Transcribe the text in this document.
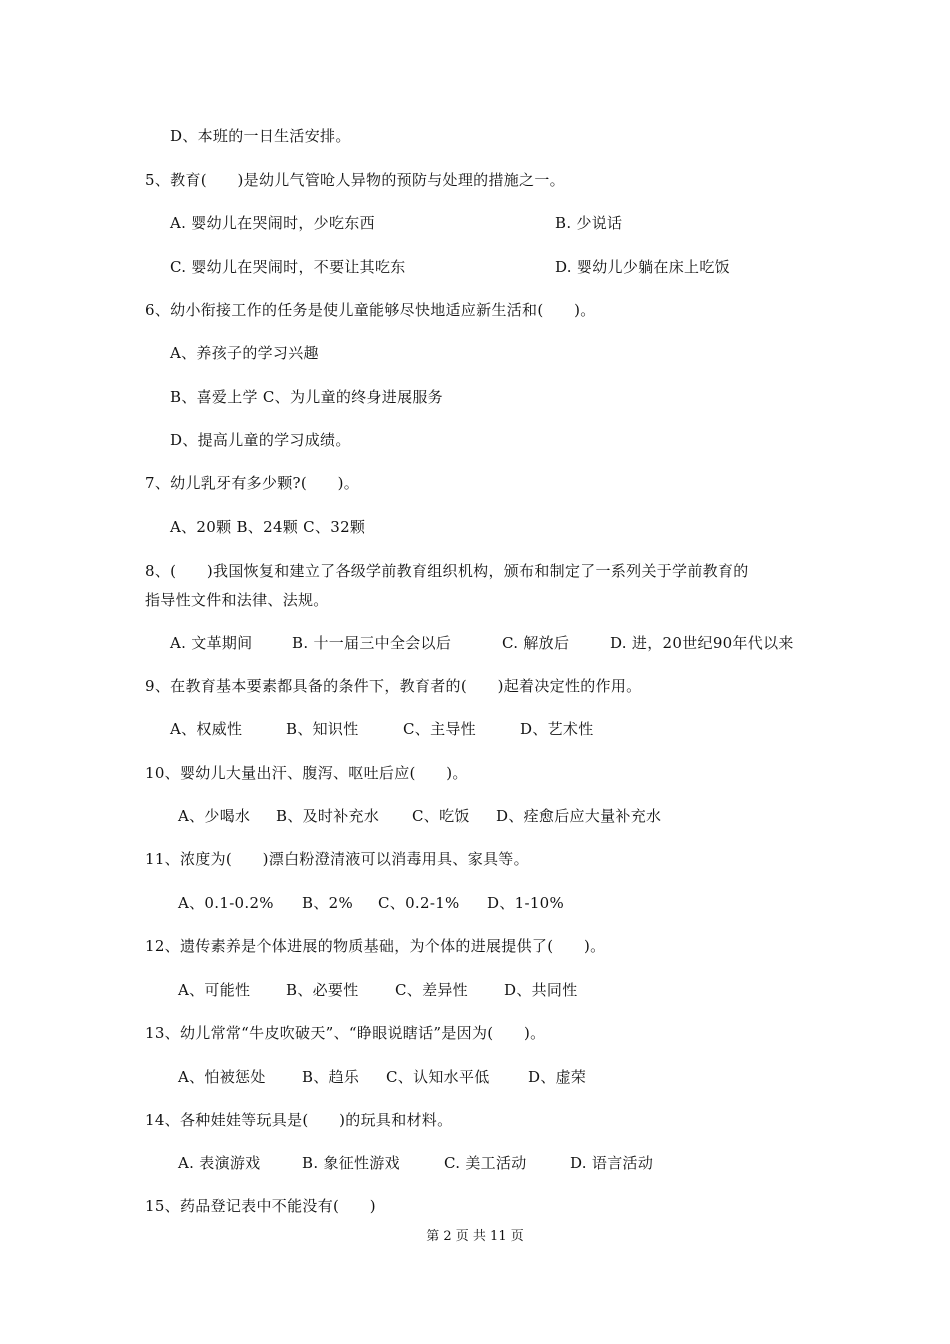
D、本班的一日生活安排。
5、教育(　　)是幼儿气管呛人异物的预防与处理的措施之一。
A. 婴幼儿在哭闹时，少吃东西	B. 少说话
C. 婴幼儿在哭闹时，不要让其吃东	D. 婴幼儿少躺在床上吃饭
6、幼小衔接工作的任务是使儿童能够尽快地适应新生活和(　　)。
A、养孩子的学习兴趣
B、喜爱上学 C、为儿童的终身进展服务
D、提高儿童的学习成绩。
7、幼儿乳牙有多少颗?(　　)。
A、20颗 B、24颗 C、32颗
8、(　　)我国恢复和建立了各级学前教育组织机构，颁布和制定了一系列关于学前教育的
指导性文件和法律、法规。
A. 文革期间	B. 十一届三中全会以后	C. 解放后	D. 进，20世纪90年代以来
9、在教育基本要素都具备的条件下，教育者的(　　)起着决定性的作用。
A、权威性	B、知识性	C、主导性	D、艺术性
10、婴幼儿大量出汗、腹泻、呕吐后应(　　)。
A、少喝水 B、及时补充水 C、吃饭 D、痊愈后应大量补充水
11、浓度为(　　)漂白粉澄清液可以消毒用具、家具等。
A、0.1-0.2% B、2% C、0.2-1% D、1-10%
12、遗传素养是个体进展的物质基础，为个体的进展提供了(　　)。
A、可能性 B、必要性 C、差异性 D、共同性
13、幼儿常常“牛皮吹破天”、“睁眼说瞎话”是因为(　　)。
A、怕被惩处 B、趋乐 C、认知水平低	D、虚荣
14、各种娃娃等玩具是(　　)的玩具和材料。
A. 表演游戏	B. 象征性游戏	C. 美工活动	D. 语言活动
15、药品登记表中不能没有(　　)
第 2 页 共 11 页
